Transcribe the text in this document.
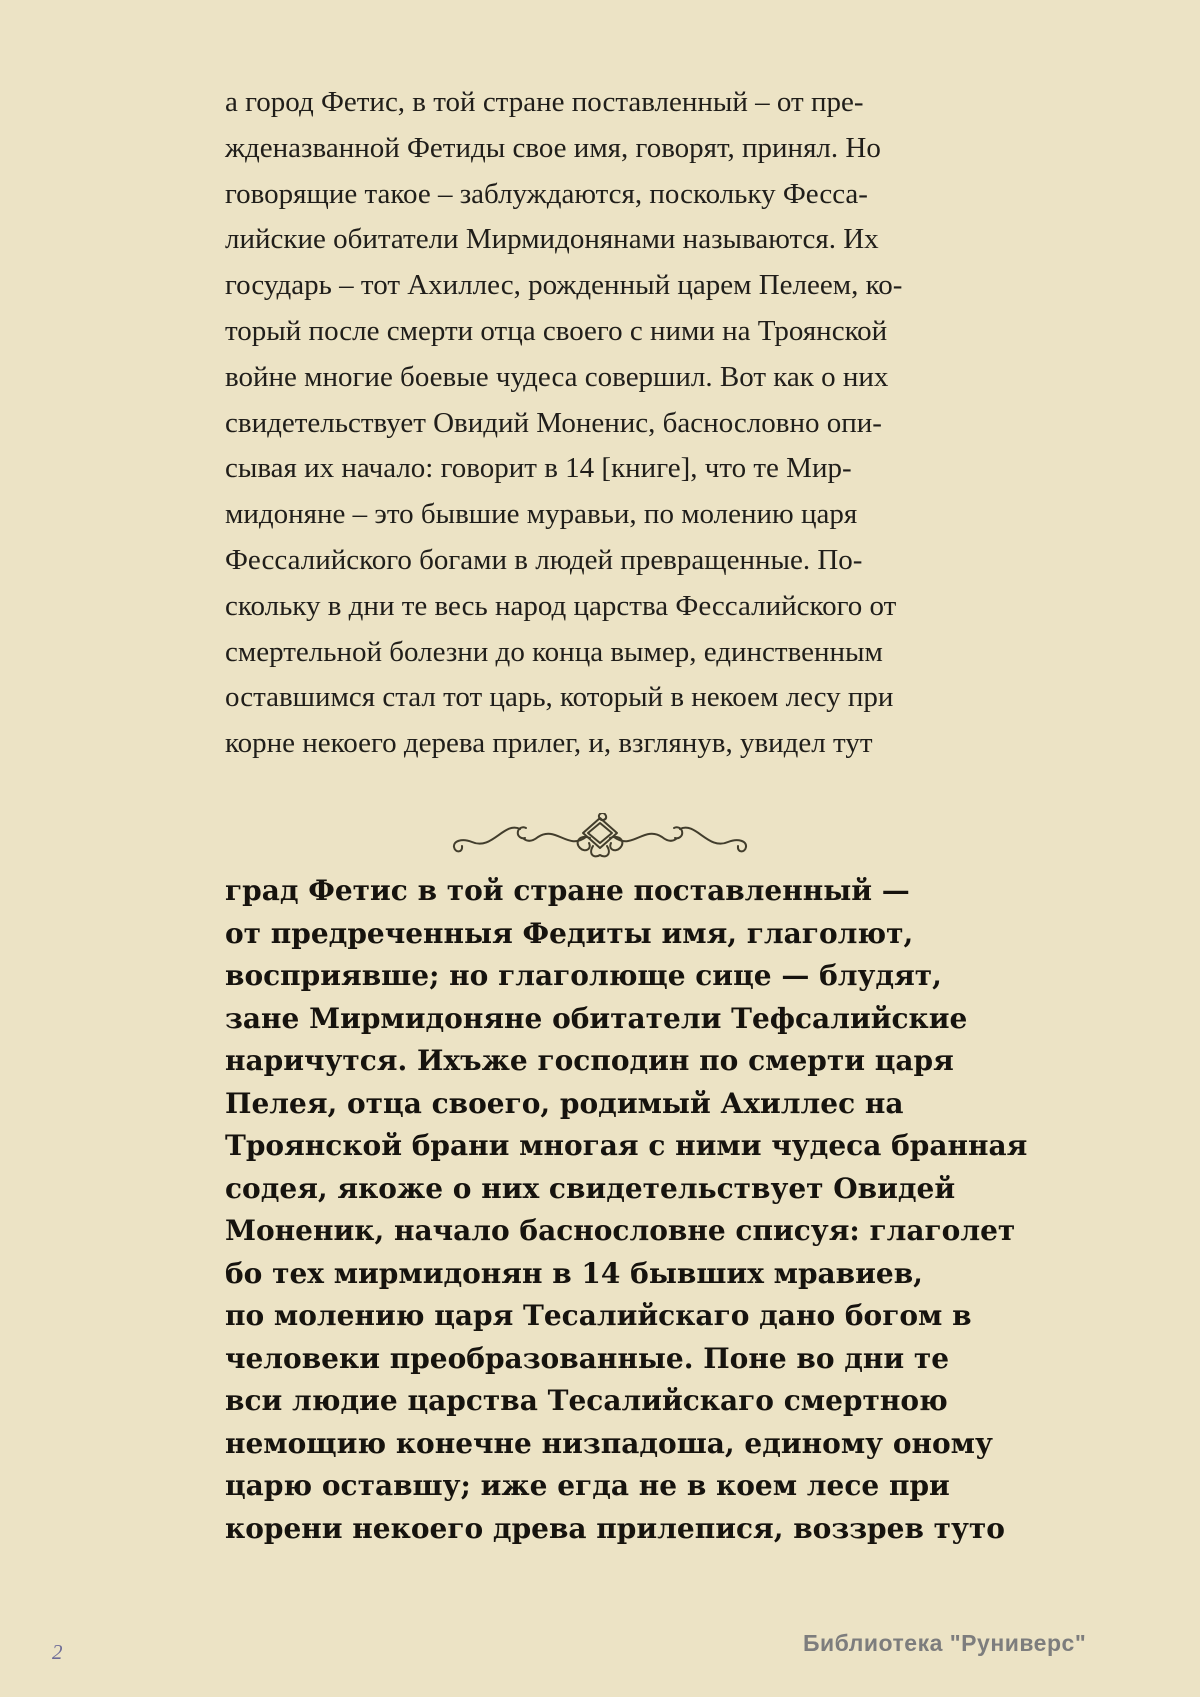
а город Фетис, в той стране поставленный – от пре-
жденазванной Фетиды свое имя, говорят, принял. Но
говорящие такое – заблуждаются, поскольку Фесса-
лийские обитатели Мирмидонянами называются. Их
государь – тот Ахиллес, рожденный царем Пелеем, ко-
торый после смерти отца своего с ними на Троянской
войне многие боевые чудеса совершил. Вот как о них
свидетельствует Овидий Моненис, баснословно опи-
сывая их начало: говорит в 14 [книге], что те Мир-
мидоняне – это бывшие муравьи, по молению царя
Фессалийского богами в людей превращенные. По-
скольку в дни те весь народ царства Фессалийского от
смертельной болезни до конца вымер, единственным
оставшимся стал тот царь, который в некоем лесу при
корне некоего дерева прилег, и, взглянув, увидел тут
град Фетис в той стране поставленный —
от предреченныя Федиты имя, глаголют,
восприявше; но глаголюще сице — блудят,
зане Мирмидоняне обитатели Тефсалийские
наричутся. Ихъже господин по смерти царя
Пелея, отца своего, родимый Ахиллес на
Троянской брани многая с ними чудеса бранная
содея, якоже о них свидетельствует Овидей
Моненик, начало баснословне списуя: глаголет
бо тех мирмидонян в 14 бывших мравиев,
по молению царя Тесалийскаго дано богом в
человеки преобразованные. Поне во дни те
вси людие царства Тесалийскаго смертною
немощию конечне низпадоша, единому оному
царю оставшу; иже егда не в коем лесе при
корени некоего древа прилепися, воззрев туто
2	Библиотека "Руниверс"
